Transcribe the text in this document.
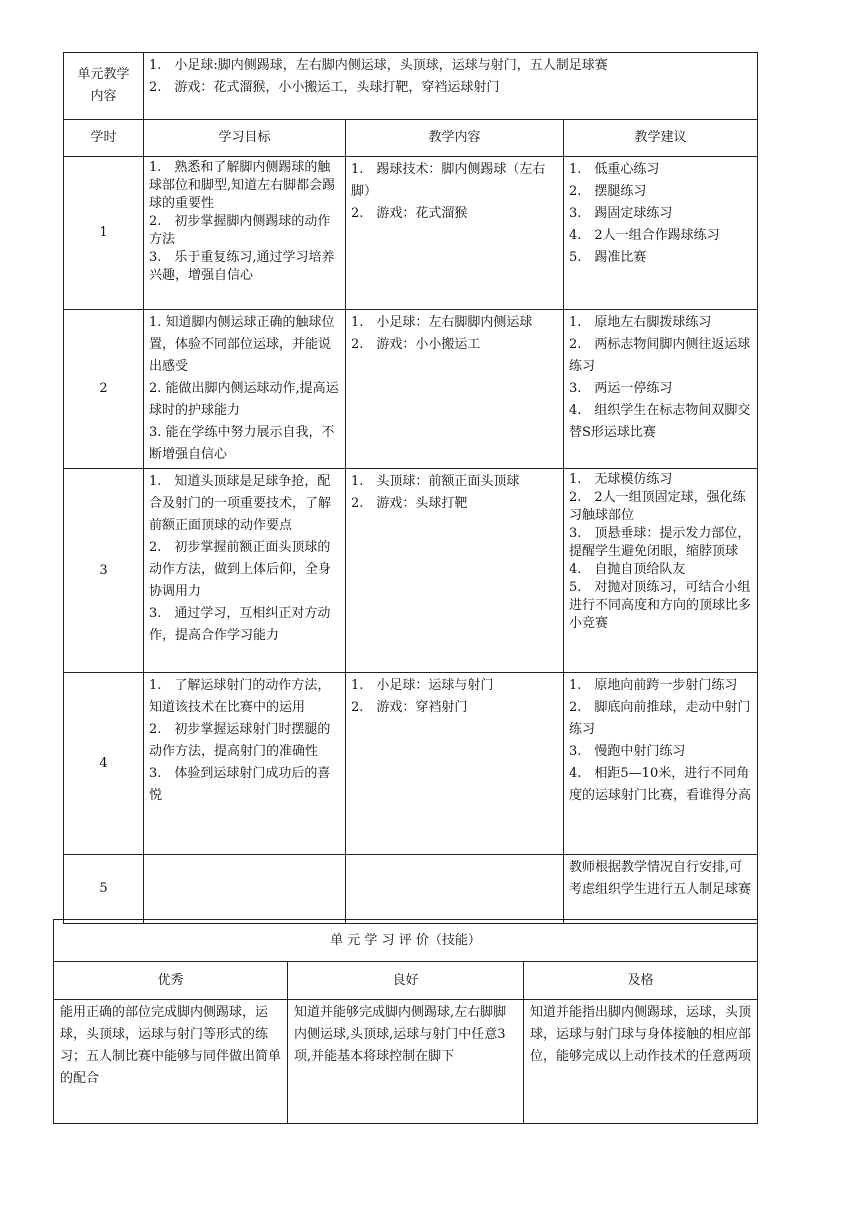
单元教学内容	1.　小足球:脚内侧踢球，左右脚内侧运球，头顶球，运球与射门，五人制足球赛
2.　游戏：花式溜猴，小小搬运工，头球打靶，穿裆运球射门		

学时	学习目标	教学内容	教学建议
1	1.　熟悉和了解脚内侧踢球的触球部位和脚型,知道左右脚都会踢球的重要性
2.　初步掌握脚内侧踢球的动作方法
3.　乐于重复练习,通过学习培养兴趣，增强自信心	1.　踢球技术：脚内侧踢球（左右脚）
2.　游戏：花式溜猴	1.　低重心练习
2.　摆腿练习
3.　踢固定球练习
4.　2人一组合作踢球练习
5.　踢准比赛

2	1. 知道脚内侧运球正确的触球位置，体验不同部位运球，并能说出感受
2. 能做出脚内侧运球动作,提高运球时的护球能力
3. 能在学练中努力展示自我，不断增强自信心	1.　小足球：左右脚脚内侧运球
2.　游戏：小小搬运工	1.　原地左右脚拨球练习
2.　两标志物间脚内侧往返运球练习
3.　两运一停练习
4.　组织学生在标志物间双脚交替S形运球比赛

3	1.　知道头顶球是足球争抢，配合及射门的一项重要技术，了解前额正面顶球的动作要点
2.　初步掌握前额正面头顶球的动作方法，做到上体后仰，全身协调用力
3.　通过学习，互相纠正对方动作，提高合作学习能力	1.　头顶球：前额正面头顶球
2.　游戏：头球打靶	1.　无球模仿练习
2.　2人一组顶固定球，强化练习触球部位
3.　顶悬垂球：提示发力部位，提醒学生避免闭眼，缩脖顶球
4.　自抛自顶给队友
5.　对抛对顶练习，可结合小组进行不同高度和方向的顶球比多小竞赛

4	1.　了解运球射门的动作方法，知道该技术在比赛中的运用
2.　初步掌握运球射门时摆腿的动作方法，提高射门的准确性
3.　体验到运球射门成功后的喜悦	1.　小足球：运球与射门
2.　游戏：穿裆射门	1.　原地向前跨一步射门练习
2.　脚底向前推球，走动中射门练习
3.　慢跑中射门练习
4.　相距5—10米，进行不同角度的运球射门比赛，看谁得分高

5			教师根据教学情况自行安排,可考虑组织学生进行五人制足球赛
单 元 学 习 评 价（技能）		
优秀	良好	及格
能用正确的部位完成脚内侧踢球，运球，头顶球，运球与射门等形式的练习；五人制比赛中能够与同伴做出简单的配合	知道并能够完成脚内侧踢球,左右脚脚内侧运球,头顶球,运球与射门中任意3项,并能基本将球控制在脚下	知道并能指出脚内侧踢球，运球，头顶球，运球与射门球与身体接触的相应部位，能够完成以上动作技术的任意两项
